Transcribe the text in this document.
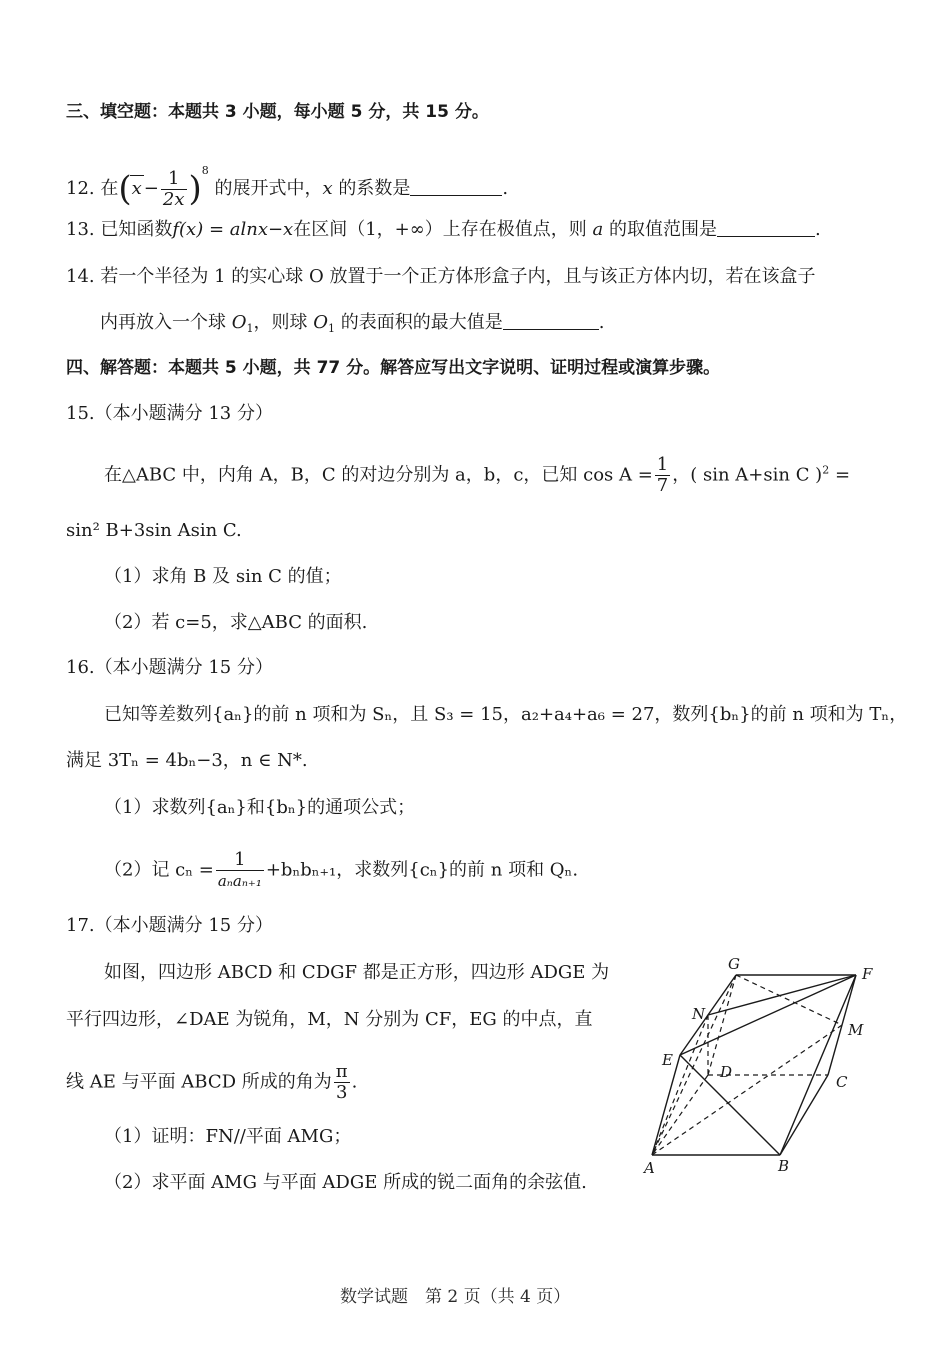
三、填空题：本题共 3 小题，每小题 5 分，共 15 分。
12. 在$(x - \frac{1}{2x} )^8$ 的展开式中，x 的系数是	.
13. 已知函数f(x) = alnx−x在区间（1，+∞）上存在极值点，则 a 的取值范围是	.
14. 若一个半径为 1 的实心球 O 放置于一个正方体形盒子内，且与该正方体内切，若在该盒子
内再放入一个球 $O_1$，则球 $O_1$ 的表面积的最大值是	.
四、解答题：本题共 5 小题，共 77 分。解答应写出文字说明、证明过程或演算步骤。
15.（本小题满分 13 分）
在△ABC 中，内角 A，B，C 的对边分别为 a，b，c，已知 $\cos A = \frac{1}{7}$ ，( sin A+sin C )$^2$ =
sin² B+3sin Asin C.
（1）求角 B 及 sin C 的值；
（2）若 c=5，求△ABC 的面积.
16.（本小题满分 15 分）
已知等差数列{aₙ}的前 n 项和为 Sₙ，且 S₃ = 15，a₂+a₄+a₆ = 27，数列{bₙ}的前 n 项和为 Tₙ，
满足 3Tₙ = 4bₙ−3，n ∈ N*.
（1）求数列{aₙ}和{bₙ}的通项公式；
（2）记 $c_n = \frac{1}{\text{aₙaₙ₊₁}} +b_nb_{n+1}$，求数列{cₙ}的前 n 项和 Qₙ.
17.（本小题满分 15 分）
如图，四边形 ABCD 和 CDGF 都是正方形，四边形 ADGE 为
平行四边形，∠DAE 为锐角，M，N 分别为 CF，EG 的中点，直
线 AE 与平面 ABCD 所成的角为 $\frac{\pi}{3}$ .
（1）证明：FN//平面 AMG；
（2）求平面 AMG 与平面 ADGE 所成的锐二面角的余弦值.
G
F
N
M
E
D
C
A	B
数学试题　第 2 页（共 4 页）
